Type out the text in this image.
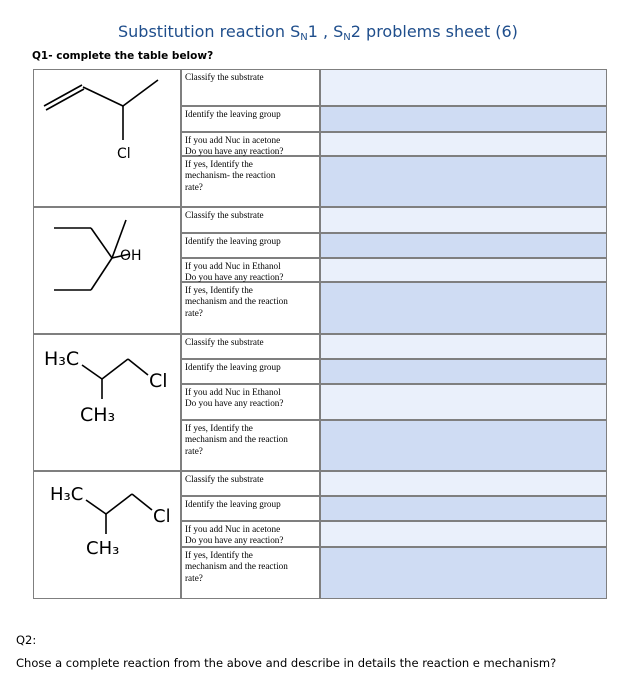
Substitution reaction $S_N1$ , $S_N2$ problems sheet (6)
Q1- complete the table below?
Cl
Classify the substrate
Identify the leaving group
If you add Nuc in acetone
Do you have any reaction?
If yes, Identify the
mechanism- the reaction
rate?
OH
Classify the substrate
Identify the leaving group
If you add Nuc in Ethanol
Do you have any reaction?
If yes, Identify the
mechanism and the reaction
rate?
H₃C
Cl
CH₃
Classify the substrate
Identify the leaving group
If you add Nuc in Ethanol
Do you have any reaction?
If yes, Identify the
mechanism and the reaction
rate?
H₃C
Cl
CH₃
Classify the substrate
Identify the leaving group
If you add Nuc in acetone
Do you have any reaction?
If yes, Identify the
mechanism and the reaction
rate?
Q2:
Chose a complete reaction from the above and describe in details the reaction e mechanism?
